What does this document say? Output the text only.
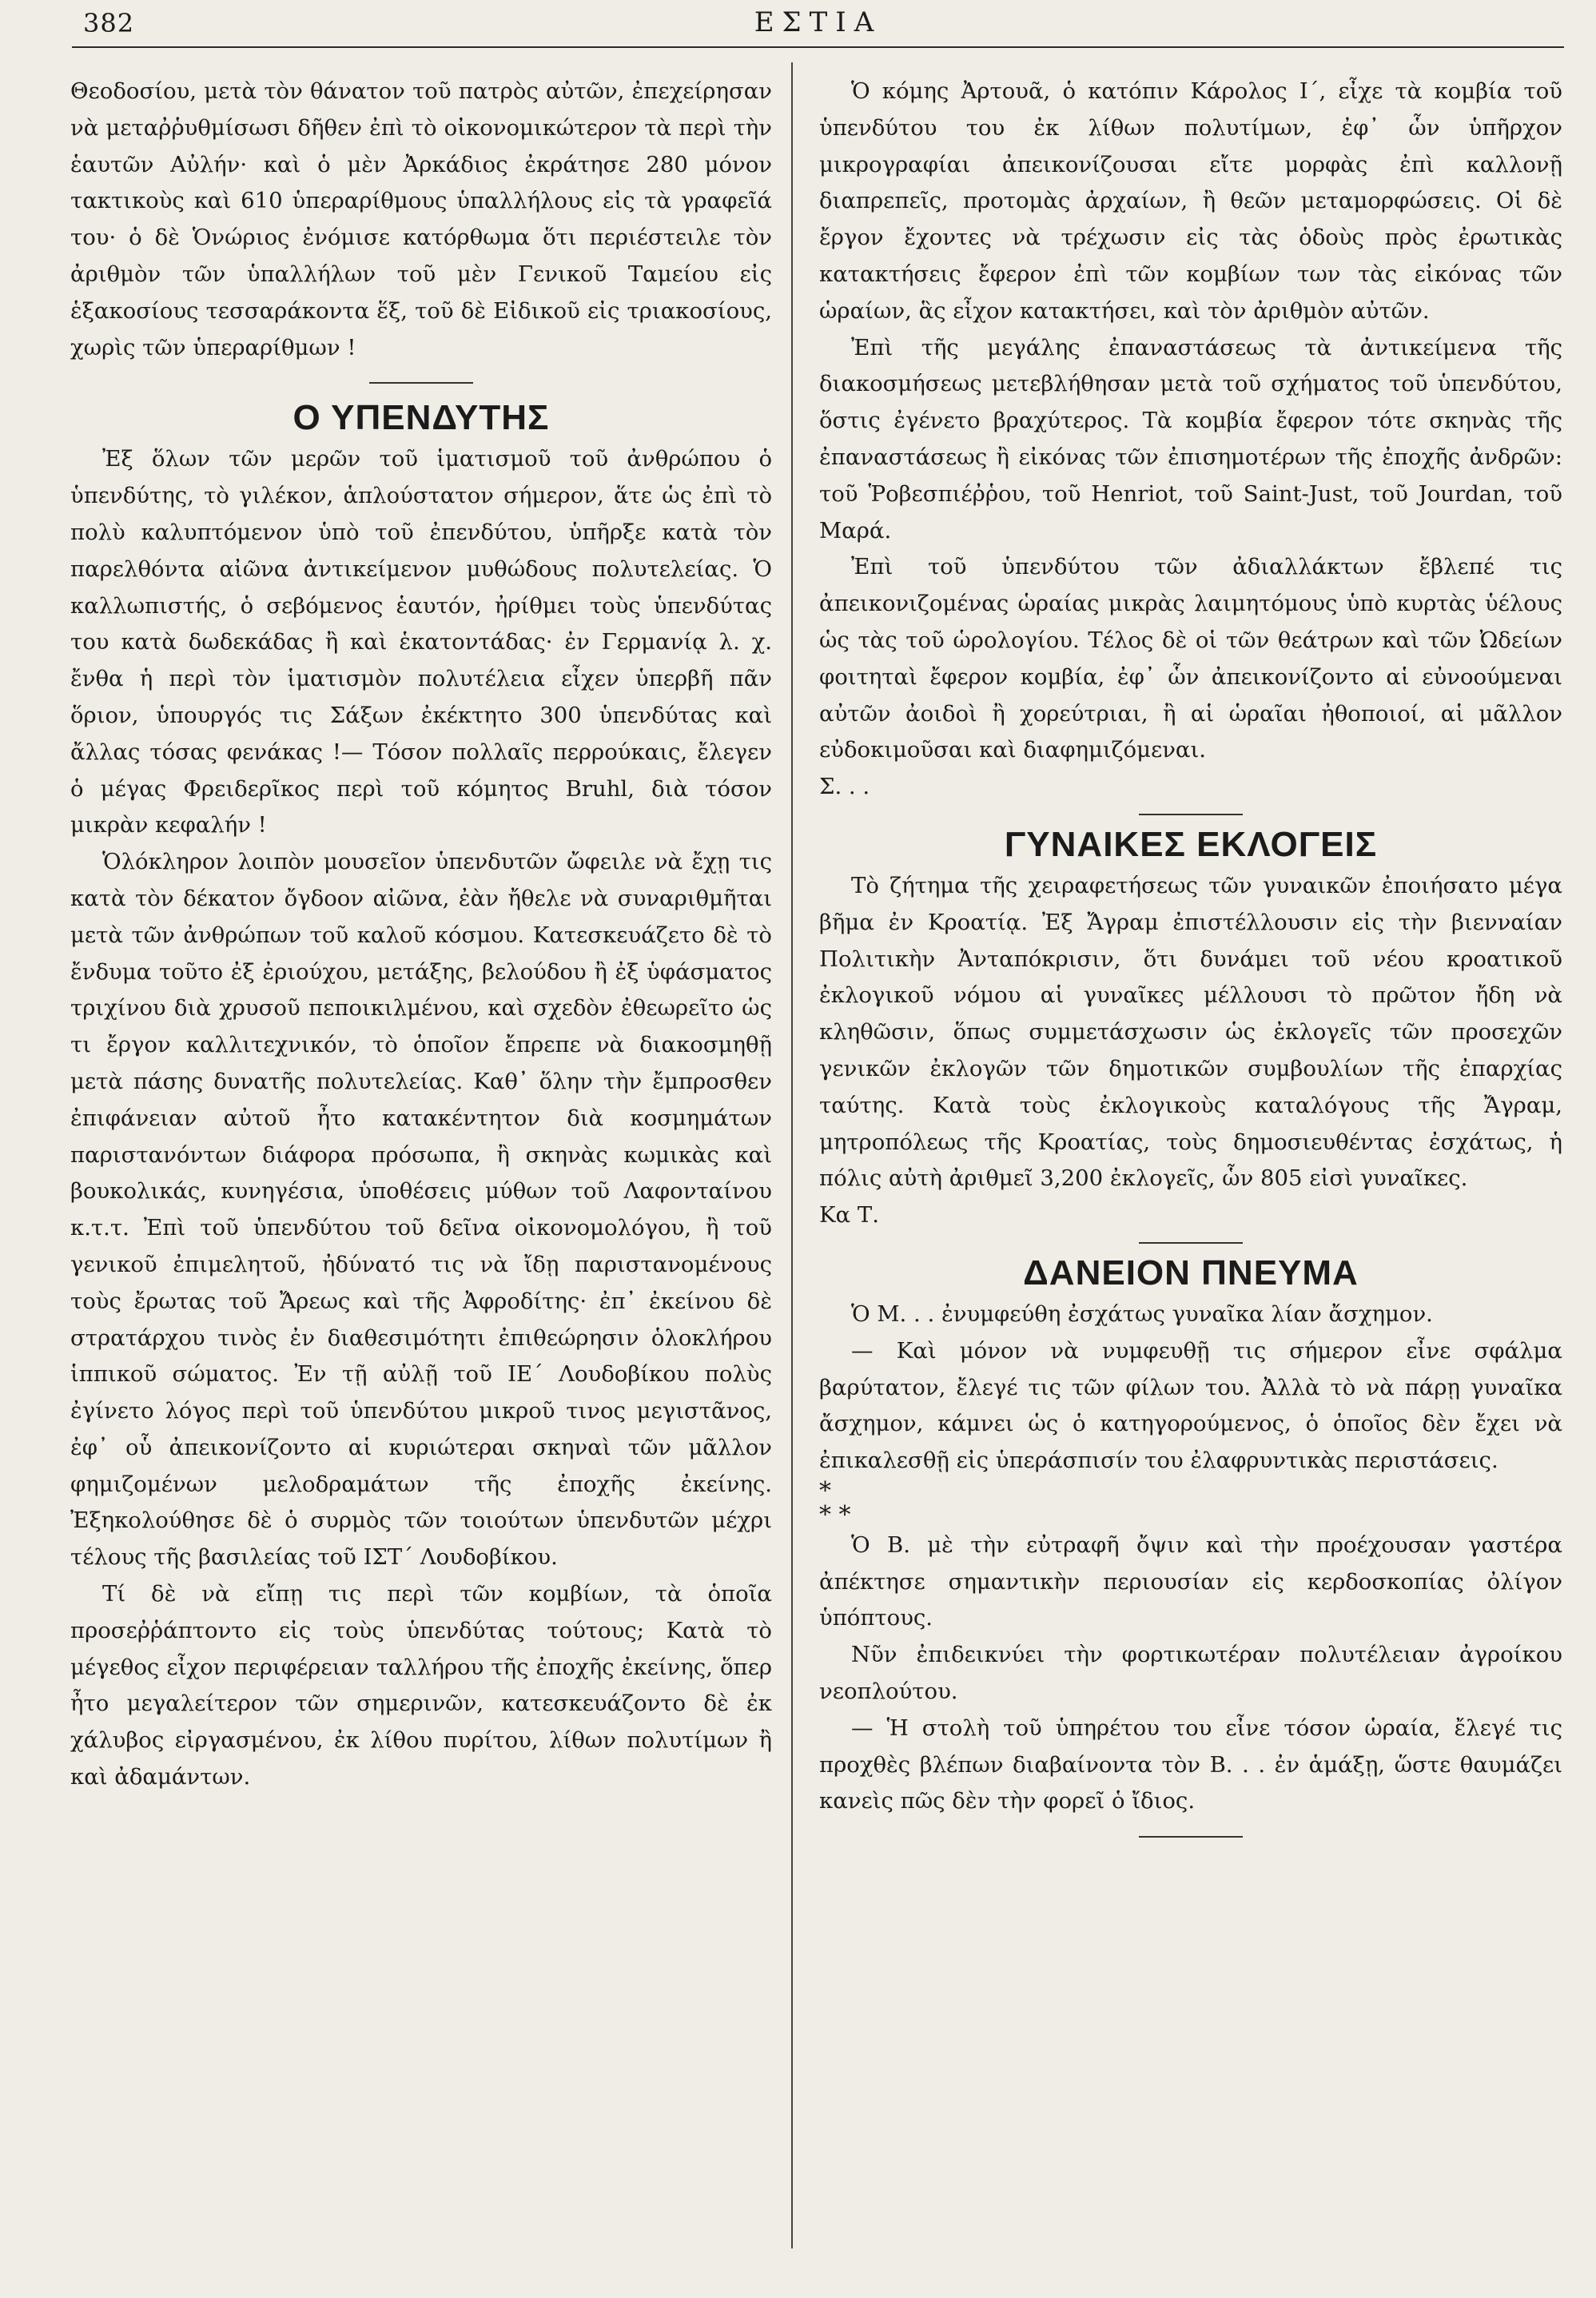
382	ΕΣΤΙΑ

Θεοδοσίου, μετὰ τὸν θάνατον τοῦ πατρὸς αὐτῶν, ἐπεχείρησαν νὰ μεταῤῥυθμίσωσι δῆθεν ἐπὶ τὸ οἰκονομικώτερον τὰ περὶ τὴν ἑαυτῶν Αὐλήν· καὶ ὁ μὲν Ἀρκάδιος ἐκράτησε 280 μόνον τακτικοὺς καὶ 610 ὑπεραρίθμους ὑπαλλήλους εἰς τὰ γραφεῖά του· ὁ δὲ Ὁνώριος ἐνόμισε κατόρθωμα ὅτι περιέστειλε τὸν ἀριθμὸν τῶν ὑπαλλήλων τοῦ μὲν Γενικοῦ Ταμείου εἰς ἑξακοσίους τεσσαράκοντα ἕξ, τοῦ δὲ Εἰδικοῦ εἰς τριακοσίους, χωρὶς τῶν ὑπεραρίθμων !

Ο ΥΠΕΝΔΥΤΗΣ

Ἐξ ὅλων τῶν μερῶν τοῦ ἱματισμοῦ τοῦ ἀνθρώπου ὁ ὑπενδύτης, τὸ γιλέκον, ἁπλούστατον σήμερον, ἅτε ὡς ἐπὶ τὸ πολὺ καλυπτόμενον ὑπὸ τοῦ ἐπενδύτου, ὑπῆρξε κατὰ τὸν παρελθόντα αἰῶνα ἀντικείμενον μυθώδους πολυτελείας. Ὁ καλλωπιστής, ὁ σεβόμενος ἑαυτόν, ἠρίθμει τοὺς ὑπενδύτας του κατὰ δωδεκάδας ἢ καὶ ἑκατοντάδας· ἐν Γερμανίᾳ λ. χ. ἔνθα ἡ περὶ τὸν ἱματισμὸν πολυτέλεια εἶχεν ὑπερβῆ πᾶν ὅριον, ὑπουργός τις Σάξων ἐκέκτητο 300 ὑπενδύτας καὶ ἄλλας τόσας φενάκας !— Τόσον πολλαῖς περρούκαις, ἔλεγεν ὁ μέγας Φρειδερῖκος περὶ τοῦ κόμητος Bruhl, διὰ τόσον μικρὰν κεφαλήν !

Ὁλόκληρον λοιπὸν μουσεῖον ὑπενδυτῶν ὤφειλε νὰ ἔχῃ τις κατὰ τὸν δέκατον ὄγδοον αἰῶνα, ἐὰν ἤθελε νὰ συναριθμῆται μετὰ τῶν ἀνθρώπων τοῦ καλοῦ κόσμου. Κατεσκευάζετο δὲ τὸ ἔνδυμα τοῦτο ἐξ ἐριούχου, μετάξης, βελούδου ἢ ἐξ ὑφάσματος τριχίνου διὰ χρυσοῦ πεποικιλμένου, καὶ σχεδὸν ἐθεωρεῖτο ὡς τι ἔργον καλλιτεχνικόν, τὸ ὁποῖον ἔπρεπε νὰ διακοσμηθῇ μετὰ πάσης δυνατῆς πολυτελείας. Καθ᾿ ὅλην τὴν ἔμπροσθεν ἐπιφάνειαν αὐτοῦ ἦτο κατακέντητον διὰ κοσμημάτων παριστανόντων διάφορα πρόσωπα, ἢ σκηνὰς κωμικὰς καὶ βουκολικάς, κυνηγέσια, ὑποθέσεις μύθων τοῦ Λαφονταίνου κ.τ.τ. Ἐπὶ τοῦ ὑπενδύτου τοῦ δεῖνα οἰκονομολόγου, ἢ τοῦ γενικοῦ ἐπιμελητοῦ, ἠδύνατό τις νὰ ἴδῃ παριστανομένους τοὺς ἔρωτας τοῦ Ἄρεως καὶ τῆς Ἀφροδίτης· ἐπ᾿ ἐκείνου δὲ στρατάρχου τινὸς ἐν διαθεσιμότητι ἐπιθεώρησιν ὁλοκλήρου ἱππικοῦ σώματος. Ἐν τῇ αὐλῇ τοῦ ΙΕ΄ Λουδοβίκου πολὺς ἐγίνετο λόγος περὶ τοῦ ὑπενδύτου μικροῦ τινος μεγιστᾶνος, ἐφ᾿ οὗ ἀπεικονίζοντο αἱ κυριώτεραι σκηναὶ τῶν μᾶλλον φημιζομένων μελοδραμάτων τῆς ἐποχῆς ἐκείνης. Ἐξηκολούθησε δὲ ὁ συρμὸς τῶν τοιούτων ὑπενδυτῶν μέχρι τέλους τῆς βασιλείας τοῦ ΙΣΤ΄ Λουδοβίκου.

Τί δὲ νὰ εἴπῃ τις περὶ τῶν κομβίων, τὰ ὁποῖα προσεῤῥάπτοντο εἰς τοὺς ὑπενδύτας τούτους; Κατὰ τὸ μέγεθος εἶχον περιφέρειαν ταλλήρου τῆς ἐποχῆς ἐκείνης, ὅπερ ἦτο μεγαλείτερον τῶν σημερινῶν, κατεσκευάζοντο δὲ ἐκ χάλυβος εἰργασμένου, ἐκ λίθου πυρίτου, λίθων πολυτίμων ἢ καὶ ἀδαμάντων.

Ὁ κόμης Ἀρτουᾶ, ὁ κατόπιν Κάρολος Ι΄, εἶχε τὰ κομβία τοῦ ὑπενδύτου του ἐκ λίθων πολυτίμων, ἐφ᾿ ὧν ὑπῆρχον μικρογραφίαι ἀπεικονίζουσαι εἴτε μορφὰς ἐπὶ καλλονῇ διαπρεπεῖς, προτομὰς ἀρχαίων, ἢ θεῶν μεταμορφώσεις. Οἱ δὲ ἔργον ἔχοντες νὰ τρέχωσιν εἰς τὰς ὁδοὺς πρὸς ἐρωτικὰς κατακτήσεις ἔφερον ἐπὶ τῶν κομβίων των τὰς εἰκόνας τῶν ὡραίων, ἃς εἶχον κατακτήσει, καὶ τὸν ἀριθμὸν αὐτῶν.

Ἐπὶ τῆς μεγάλης ἐπαναστάσεως τὰ ἀντικείμενα τῆς διακοσμήσεως μετεβλήθησαν μετὰ τοῦ σχήματος τοῦ ὑπενδύτου, ὅστις ἐγένετο βραχύτερος. Τὰ κομβία ἔφερον τότε σκηνὰς τῆς ἐπαναστάσεως ἢ εἰκόνας τῶν ἐπισημοτέρων τῆς ἐποχῆς ἀνδρῶν: τοῦ Ῥοβεσπιέῤῥου, τοῦ Henriot, τοῦ Saint-Just, τοῦ Jourdan, τοῦ Μαρά.

Ἐπὶ τοῦ ὑπενδύτου τῶν ἀδιαλλάκτων ἔβλεπέ τις ἀπεικονιζομένας ὡραίας μικρὰς λαιμητόμους ὑπὸ κυρτὰς ὑέλους ὡς τὰς τοῦ ὡρολογίου. Τέλος δὲ οἱ τῶν θεάτρων καὶ τῶν Ὠδείων φοιτηταὶ ἔφερον κομβία, ἐφ᾿ ὧν ἀπεικονίζοντο αἱ εὐνοούμεναι αὐτῶν ἀοιδοὶ ἢ χορεύτριαι, ἢ αἱ ὡραῖαι ἠθοποιοί, αἱ μᾶλλον εὐδοκιμοῦσαι καὶ διαφημιζόμεναι.

Σ. . .

ΓΥΝΑΙΚΕΣ ΕΚΛΟΓΕΙΣ

Τὸ ζήτημα τῆς χειραφετήσεως τῶν γυναικῶν ἐποιήσατο μέγα βῆμα ἐν Κροατίᾳ. Ἐξ Ἄγραμ ἐπιστέλλουσιν εἰς τὴν βιενναίαν Πολιτικὴν Ἀνταπόκρισιν, ὅτι δυνάμει τοῦ νέου κροατικοῦ ἐκλογικοῦ νόμου αἱ γυναῖκες μέλλουσι τὸ πρῶτον ἤδη νὰ κληθῶσιν, ὅπως συμμετάσχωσιν ὡς ἐκλογεῖς τῶν προσεχῶν γενικῶν ἐκλογῶν τῶν δημοτικῶν συμβουλίων τῆς ἐπαρχίας ταύτης. Κατὰ τοὺς ἐκλογικοὺς καταλόγους τῆς Ἄγραμ, μητροπόλεως τῆς Κροατίας, τοὺς δημοσιευθέντας ἐσχάτως, ἡ πόλις αὐτὴ ἀριθμεῖ 3,200 ἐκλογεῖς, ὧν 805 εἰσὶ γυναῖκες.

Κα Τ.

ΔΑΝΕΙΟΝ ΠΝΕΥΜΑ

Ὁ Μ. . . ἐνυμφεύθη ἐσχάτως γυναῖκα λίαν ἄσχημον.

— Καὶ μόνον νὰ νυμφευθῇ τις σήμερον εἶνε σφάλμα βαρύτατον, ἔλεγέ τις τῶν φίλων του. Ἀλλὰ τὸ νὰ πάρῃ γυναῖκα ἄσχημον, κάμνει ὡς ὁ κατηγορούμενος, ὁ ὁποῖος δὲν ἔχει νὰ ἐπικαλεσθῇ εἰς ὑπεράσπισίν του ἐλαφρυντικὰς περιστάσεις.

*

* *

Ὁ Β. μὲ τὴν εὐτραφῆ ὄψιν καὶ τὴν προέχουσαν γαστέρα ἀπέκτησε σημαντικὴν περιουσίαν εἰς κερδοσκοπίας ὀλίγον ὑπόπτους.

Νῦν ἐπιδεικνύει τὴν φορτικωτέραν πολυτέλειαν ἀγροίκου νεοπλούτου.

— Ἡ στολὴ τοῦ ὑπηρέτου του εἶνε τόσον ὡραία, ἔλεγέ τις προχθὲς βλέπων διαβαίνοντα τὸν Β. . . ἐν ἁμάξῃ, ὥστε θαυμάζει κανεὶς πῶς δὲν τὴν φορεῖ ὁ ἴδιος.
